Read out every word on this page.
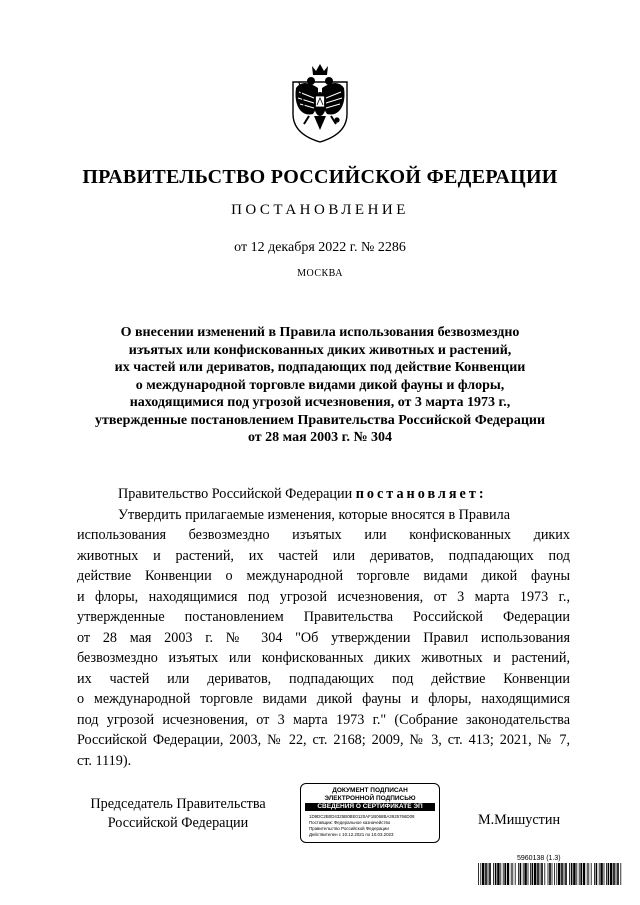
ПРАВИТЕЛЬСТВО РОССИЙСКОЙ ФЕДЕРАЦИИ
ПОСТАНОВЛЕНИЕ
от 12 декабря 2022 г. № 2286
МОСКВА
О внесении изменений в Правила использования безвозмездно
изъятых или конфискованных диких животных и растений,
их частей или дериватов, подпадающих под действие Конвенции
о международной торговле видами дикой фауны и флоры,
находящимися под угрозой исчезновения, от 3 марта 1973 г.,
утвержденные постановлением Правительства Российской Федерации
от 28 мая 2003 г. № 304
Правительство Российской Федерации постановляет:
Утвердить прилагаемые изменения, которые вносятся в Правила
использования безвозмездно изъятых или конфискованных диких
животных и растений, их частей или дериватов, подпадающих под
действие Конвенции о международной торговле видами дикой фауны
и флоры, находящимися под угрозой исчезновения, от 3 марта 1973 г.,
утвержденные постановлением Правительства Российской Федерации
от 28 мая 2003 г. № 304 "Об утверждении Правил использования
безвозмездно изъятых или конфискованных диких животных и растений,
их частей или дериватов, подпадающих под действие Конвенции
о международной торговле видами дикой фауны и флоры, находящимися
под угрозой исчезновения, от 3 марта 1973 г." (Собрание законодательства
Российской Федерации, 2003, № 22, ст. 2168; 2009, № 3, ст. 413; 2021, № 7,
ст. 1119).
Председатель Правительства
Российской Федерации
ДОКУМЕНТ ПОДПИСАН
ЭЛЕКТРОННОЙ ПОДПИСЬЮ
СВЕДЕНИЯ О СЕРТИФИКАТЕ ЭП
1D9DC2B0D4325B0BE0120AF1B068BA3925766D08
Поставщик: Федеральное казначейство
Правительство Российской Федерации
Действителен с 10.12.2021 по 10.03.2023
М.Мишустин
5960138 (1.3)
